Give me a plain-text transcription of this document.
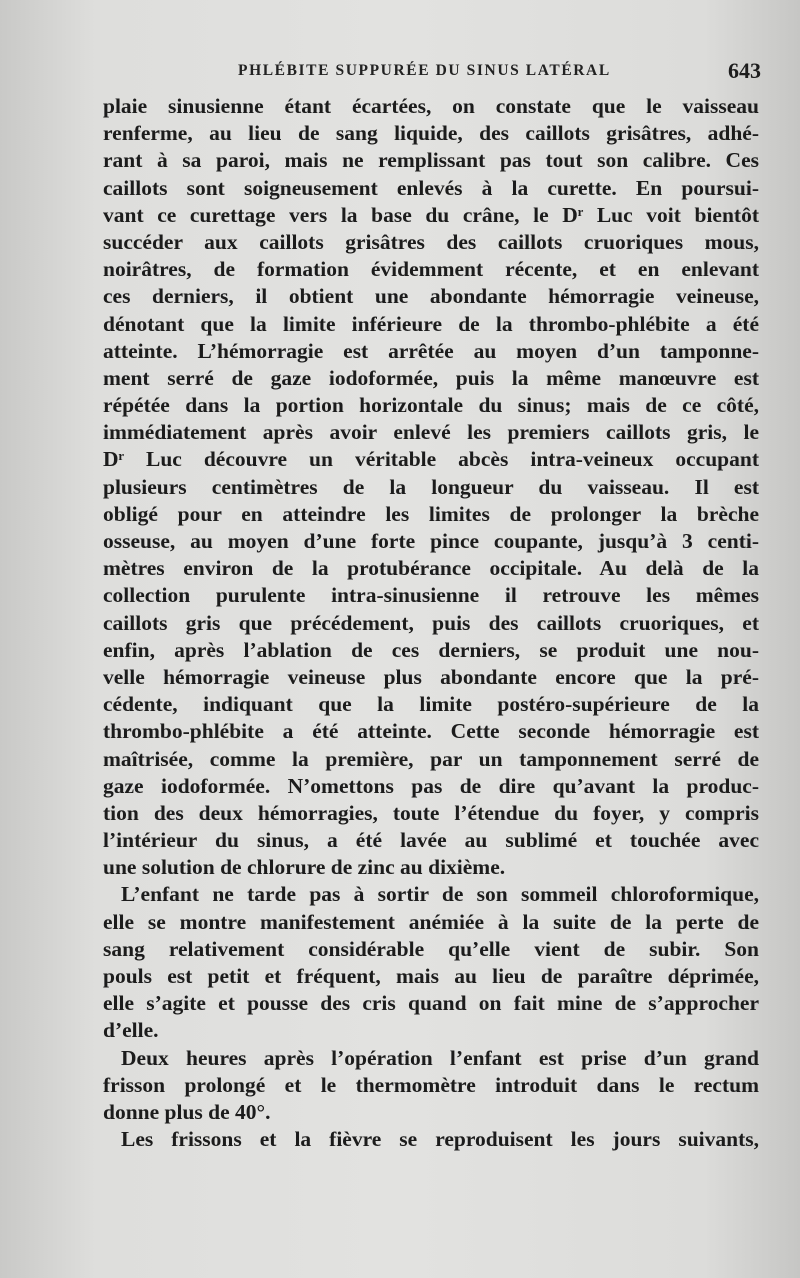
PHLÉBITE SUPPURÉE DU SINUS LATÉRAL	643
plaie sinusienne étant écartées, on constate que le vaisseau
renferme, au lieu de sang liquide, des caillots grisâtres, adhé-
rant à sa paroi, mais ne remplissant pas tout son calibre. Ces
caillots sont soigneusement enlevés à la curette. En poursui-
vant ce curettage vers la base du crâne, le Dʳ Luc voit bientôt
succéder aux caillots grisâtres des caillots cruoriques mous,
noirâtres, de formation évidemment récente, et en enlevant
ces derniers, il obtient une abondante hémorragie veineuse,
dénotant que la limite inférieure de la thrombo-phlébite a été
atteinte. L’hémorragie est arrêtée au moyen d’un tamponne-
ment serré de gaze iodoformée, puis la même manœuvre est
répétée dans la portion horizontale du sinus; mais de ce côté,
immédiatement après avoir enlevé les premiers caillots gris, le
Dʳ Luc découvre un véritable abcès intra-veineux occupant
plusieurs centimètres de la longueur du vaisseau. Il est
obligé pour en atteindre les limites de prolonger la brèche
osseuse, au moyen d’une forte pince coupante, jusqu’à 3 centi-
mètres environ de la protubérance occipitale. Au delà de la
collection purulente intra-sinusienne il retrouve les mêmes
caillots gris que précédement, puis des caillots cruoriques, et
enfin, après l’ablation de ces derniers, se produit une nou-
velle hémorragie veineuse plus abondante encore que la pré-
cédente, indiquant que la limite postéro-supérieure de la
thrombo-phlébite a été atteinte. Cette seconde hémorragie est
maîtrisée, comme la première, par un tamponnement serré de
gaze iodoformée. N’omettons pas de dire qu’avant la produc-
tion des deux hémorragies, toute l’étendue du foyer, y compris
l’intérieur du sinus, a été lavée au sublimé et touchée avec
une solution de chlorure de zinc au dixième.
L’enfant ne tarde pas à sortir de son sommeil chloroformique,
elle se montre manifestement anémiée à la suite de la perte de
sang relativement considérable qu’elle vient de subir. Son
pouls est petit et fréquent, mais au lieu de paraître déprimée,
elle s’agite et pousse des cris quand on fait mine de s’approcher
d’elle.
Deux heures après l’opération l’enfant est prise d’un grand
frisson prolongé et le thermomètre introduit dans le rectum
donne plus de 40°.
Les frissons et la fièvre se reproduisent les jours suivants,
